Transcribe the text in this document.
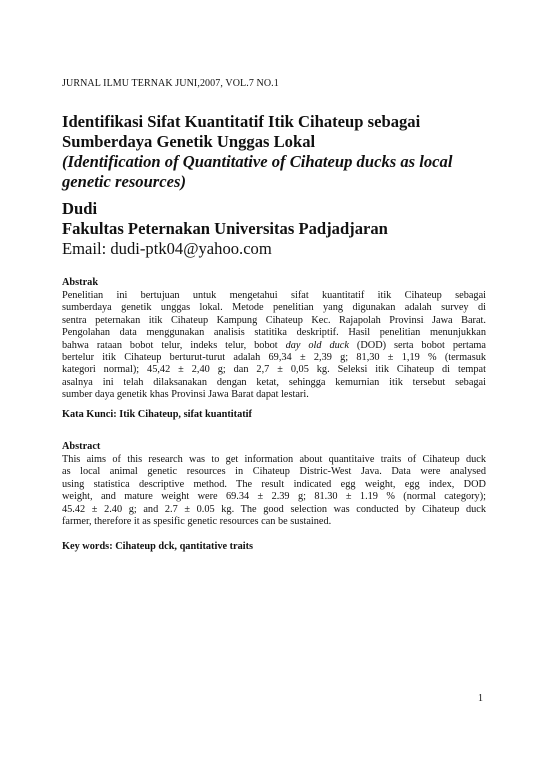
JURNAL ILMU TERNAK JUNI,2007, VOL.7 NO.1
Identifikasi Sifat Kuantitatif Itik Cihateup sebagai
Sumberdaya Genetik Unggas Lokal
(Identification of Quantitative of Cihateup ducks as local
genetic resources)
Dudi
Fakultas Peternakan Universitas Padjadjaran
Email: dudi-ptk04@yahoo.com
Abstrak
Penelitian ini bertujuan untuk mengetahui sifat kuantitatif itik Cihateup sebagai
sumberdaya genetik unggas lokal. Metode penelitian yang digunakan adalah survey di
sentra peternakan itik Cihateup Kampung Cihateup Kec. Rajapolah Provinsi Jawa Barat.
Pengolahan data menggunakan analisis statitika deskriptif. Hasil penelitian menunjukkan
bahwa rataan bobot telur, indeks telur, bobot day old duck (DOD) serta bobot pertama
bertelur itik Cihateup berturut-turut adalah 69,34 ± 2,39 g; 81,30 ± 1,19 % (termasuk
kategori normal); 45,42 ± 2,40 g; dan 2,7 ± 0,05 kg. Seleksi itik Cihateup di tempat
asalnya ini telah dilaksanakan dengan ketat, sehingga kemurnian itik tersebut sebagai
sumber daya genetik khas Provinsi Jawa Barat dapat lestari.
Kata Kunci: Itik Cihateup, sifat kuantitatif
Abstract
This aims of this research was to get information about quantitaive traits of Cihateup duck
as local animal genetic resources in Cihateup Distric-West Java. Data were analysed
using statistica descriptive method. The result indicated egg weight, egg index, DOD
weight, and mature weight were 69.34 ± 2.39 g; 81.30 ± 1.19 % (normal category);
45.42 ± 2.40 g; and 2.7 ± 0.05 kg. The good selection was conducted by Cihateup duck
farmer, therefore it as spesific genetic resources can be sustained.
Key words: Cihateup dck, qantitative traits
1
